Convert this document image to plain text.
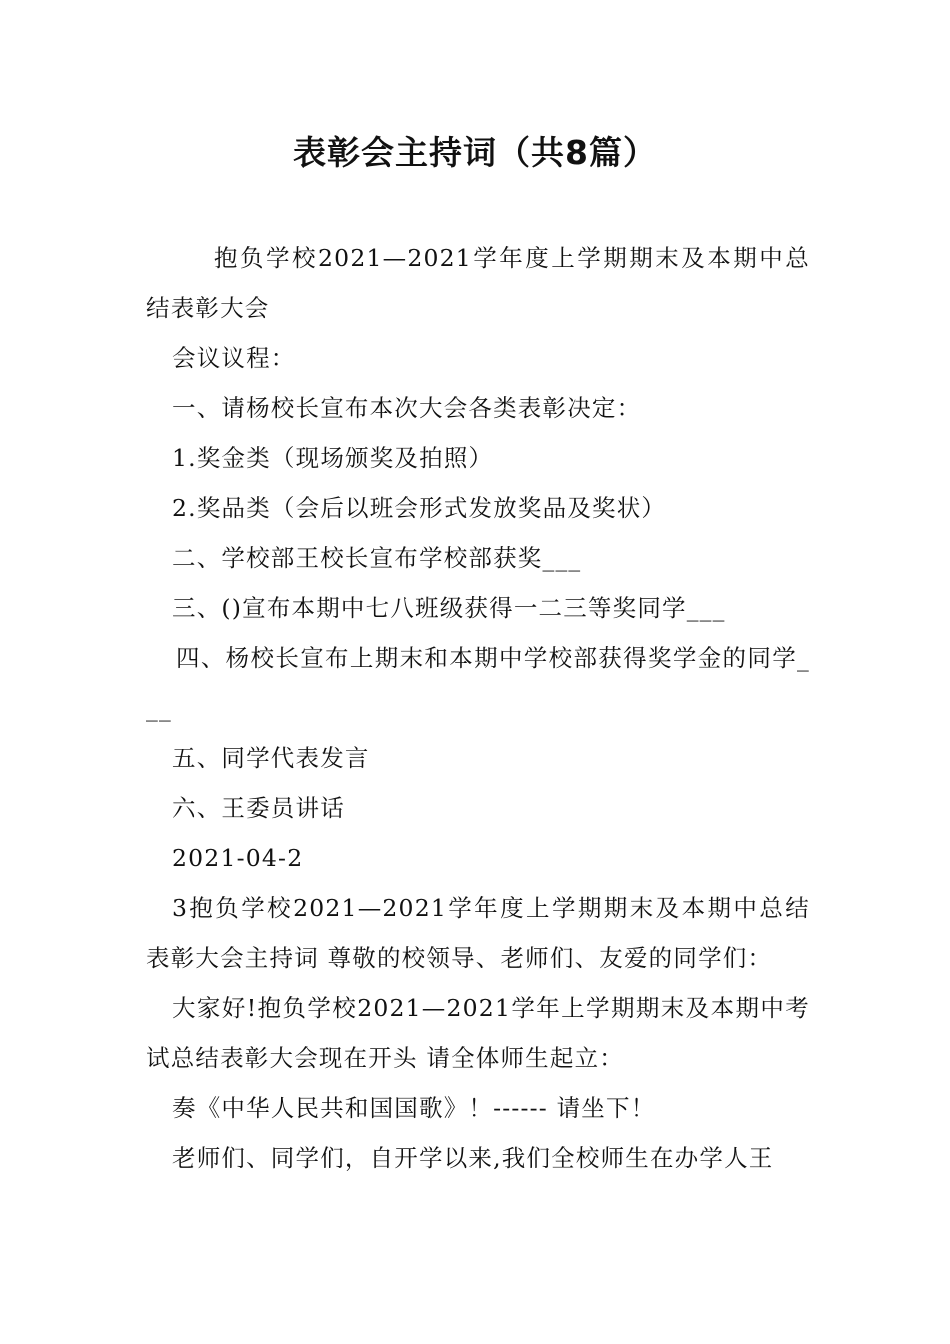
表彰会主持词（共8篇）

抱负学校2021—2021学年度上学期期末及本期中总结表彰大会

会议议程：

一、请杨校长宣布本次大会各类表彰决定：

1.奖金类（现场颁奖及拍照）

2.奖品类（会后以班会形式发放奖品及奖状）

二、学校部王校长宣布学校部获奖___

三、()宣布本期中七八班级获得一二三等奖同学___

四、杨校长宣布上期末和本期中学校部获得奖学金的同学___

五、同学代表发言

六、王委员讲话

2021-04-2

3抱负学校2021—2021学年度上学期期末及本期中总结表彰大会主持词 尊敬的校领导、老师们、友爱的同学们：

大家好!抱负学校2021—2021学年上学期期末及本期中考试总结表彰大会现在开头 请全体师生起立：

奏《中华人民共和国国歌》！------ 请坐下！

老师们、同学们，自开学以来,我们全校师生在办学人王
